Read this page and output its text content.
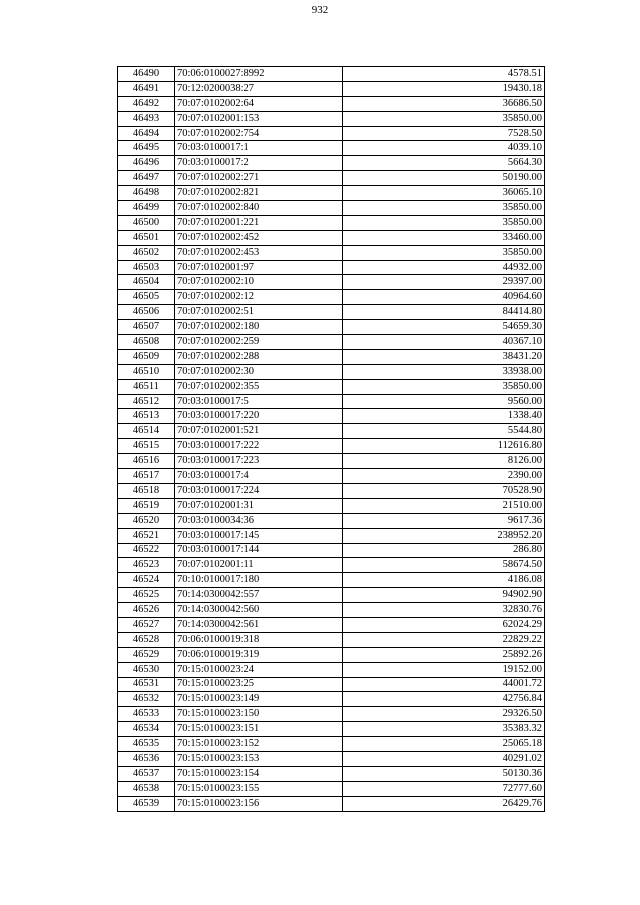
932
46490	70:06:0100027:8992	4578.51
46491	70:12:0200038:27	19430.18
46492	70:07:0102002:64	36686.50
46493	70:07:0102001:153	35850.00
46494	70:07:0102002:754	7528.50
46495	70:03:0100017:1	4039.10
46496	70:03:0100017:2	5664.30
46497	70:07:0102002:271	50190.00
46498	70:07:0102002:821	36065.10
46499	70:07:0102002:840	35850.00
46500	70:07:0102001:221	35850.00
46501	70:07:0102002:452	33460.00
46502	70:07:0102002:453	35850.00
46503	70:07:0102001:97	44932.00
46504	70:07:0102002:10	29397.00
46505	70:07:0102002:12	40964.60
46506	70:07:0102002:51	84414.80
46507	70:07:0102002:180	54659.30
46508	70:07:0102002:259	40367.10
46509	70:07:0102002:288	38431.20
46510	70:07:0102002:30	33938.00
46511	70:07:0102002:355	35850.00
46512	70:03:0100017:5	9560.00
46513	70:03:0100017:220	1338.40
46514	70:07:0102001:521	5544.80
46515	70:03:0100017:222	112616.80
46516	70:03:0100017:223	8126.00
46517	70:03:0100017:4	2390.00
46518	70:03:0100017:224	70528.90
46519	70:07:0102001:31	21510.00
46520	70:03:0100034:36	9617.36
46521	70:03:0100017:145	238952.20
46522	70:03:0100017:144	286.80
46523	70:07:0102001:11	58674.50
46524	70:10:0100017:180	4186.08
46525	70:14:0300042:557	94902.90
46526	70:14:0300042:560	32830.76
46527	70:14:0300042:561	62024.29
46528	70:06:0100019:318	22829.22
46529	70:06:0100019:319	25892.26
46530	70:15:0100023:24	19152.00
46531	70:15:0100023:25	44001.72
46532	70:15:0100023:149	42756.84
46533	70:15:0100023:150	29326.50
46534	70:15:0100023:151	35383.32
46535	70:15:0100023:152	25065.18
46536	70:15:0100023:153	40291.02
46537	70:15:0100023:154	50130.36
46538	70:15:0100023:155	72777.60
46539	70:15:0100023:156	26429.76
